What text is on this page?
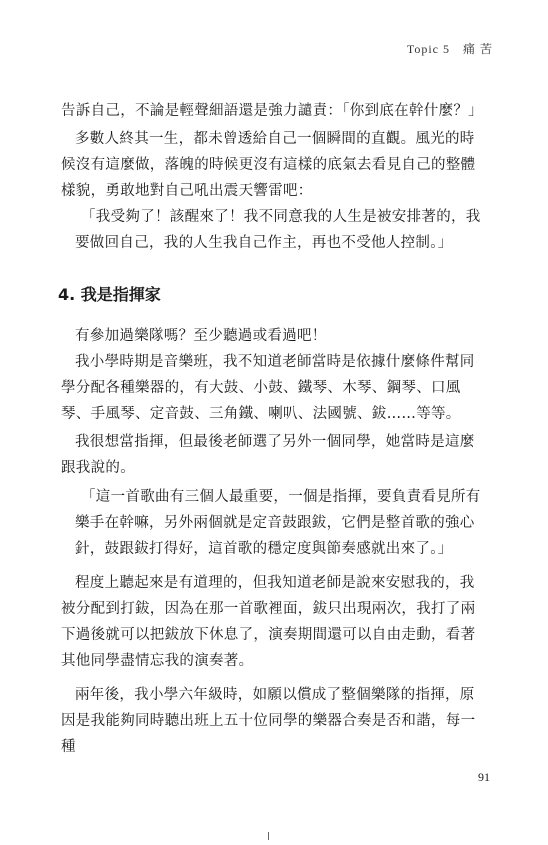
Topic 5　痛 苦

告訴自己，不論是輕聲細語還是強力譴責：「你到底在幹什麼？」

多數人終其一生，都未曾透給自己一個瞬間的直觀。風光的時候沒有這麼做，落魄的時候更沒有這樣的底氣去看見自己的整體樣貌，勇敢地對自己吼出震天響雷吧：

「我受夠了！該醒來了！我不同意我的人生是被安排著的，我要做回自己，我的人生我自己作主，再也不受他人控制。」

4. 我是指揮家

有參加過樂隊嗎？至少聽過或看過吧！

我小學時期是音樂班，我不知道老師當時是依據什麼條件幫同學分配各種樂器的，有大鼓、小鼓、鐵琴、木琴、鋼琴、口風琴、手風琴、定音鼓、三角鐵、喇叭、法國號、鈸……等等。

我很想當指揮，但最後老師選了另外一個同學，她當時是這麼跟我說的。

「這一首歌曲有三個人最重要，一個是指揮，要負責看見所有樂手在幹嘛，另外兩個就是定音鼓跟鈸，它們是整首歌的強心針，鼓跟鈸打得好，這首歌的穩定度與節奏感就出來了。」

程度上聽起來是有道理的，但我知道老師是說來安慰我的，我被分配到打鈸，因為在那一首歌裡面，鈸只出現兩次，我打了兩下過後就可以把鈸放下休息了，演奏期間還可以自由走動，看著其他同學盡情忘我的演奏著。

兩年後，我小學六年級時，如願以償成了整個樂隊的指揮，原因是我能夠同時聽出班上五十位同學的樂器合奏是否和諧，每一種

91
